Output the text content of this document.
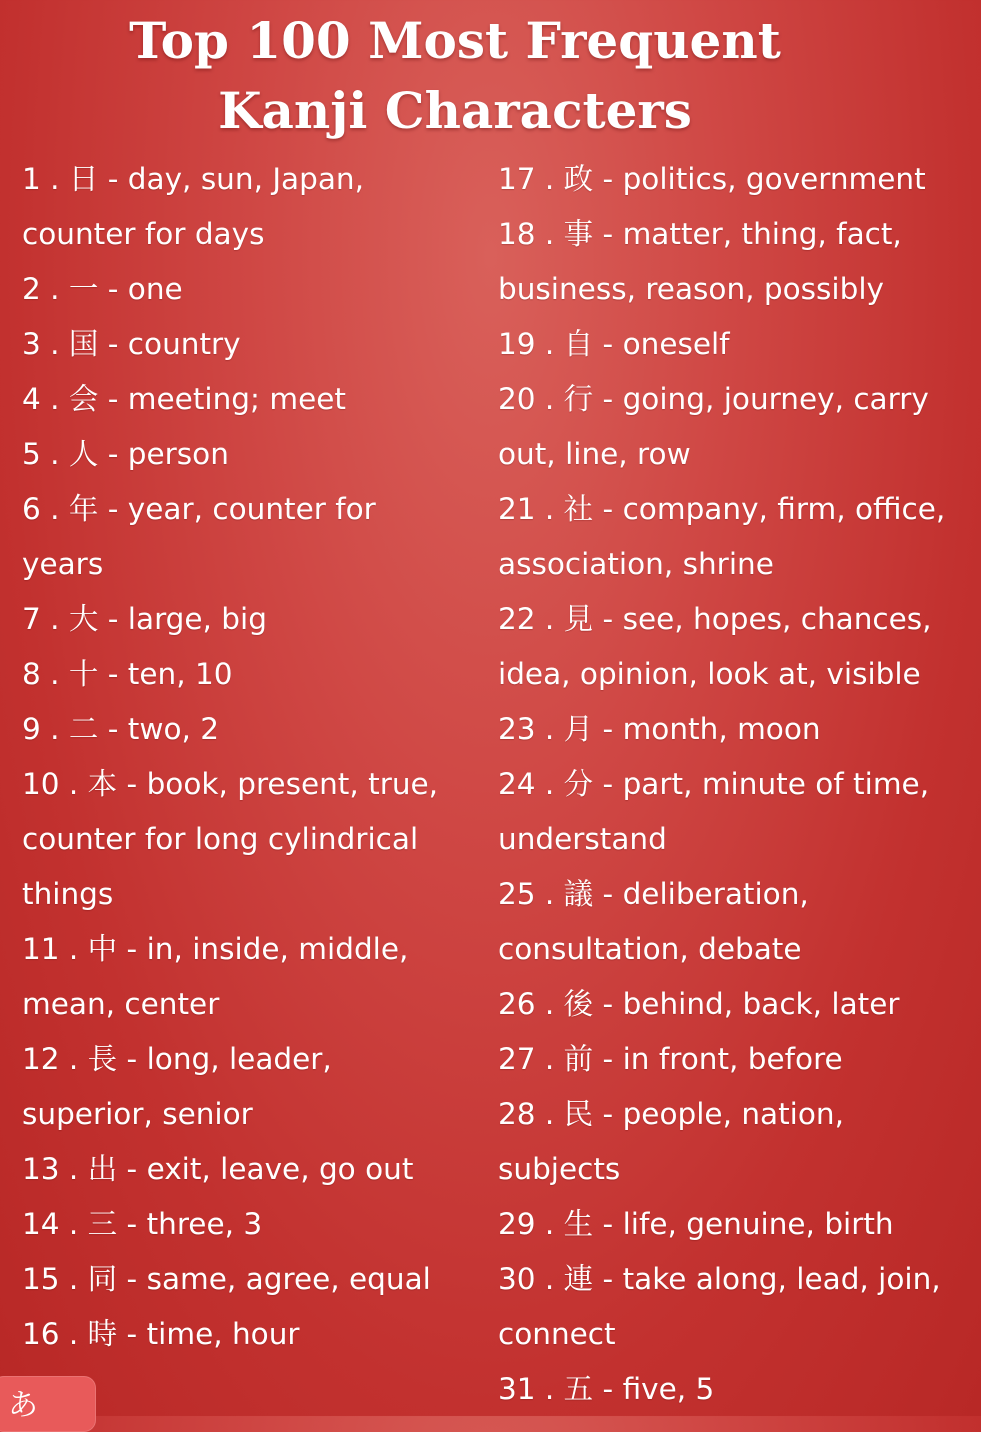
Top 100 Most Frequent
Kanji Characters
1 . 日 - day, sun, Japan,
counter for days
2 . 一 - one
3 . 国 - country
4 . 会 - meeting; meet
5 . 人 - person
6 . 年 - year, counter for
years
7 . 大 - large, big
8 . 十 - ten, 10
9 . 二 - two, 2
10 . 本 - book, present, true,
counter for long cylindrical
things
11 . 中 - in, inside, middle,
mean, center
12 . 長 - long, leader,
superior, senior
13 . 出 - exit, leave, go out
14 . 三 - three, 3
15 . 同 - same, agree, equal
16 . 時 - time, hour
17 . 政 - politics, government
18 . 事 - matter, thing, fact,
business, reason, possibly
19 . 自 - oneself
20 . 行 - going, journey, carry
out, line, row
21 . 社 - company, firm, office,
association, shrine
22 . 見 - see, hopes, chances,
idea, opinion, look at, visible
23 . 月 - month, moon
24 . 分 - part, minute of time,
understand
25 . 議 - deliberation,
consultation, debate
26 . 後 - behind, back, later
27 . 前 - in front, before
28 . 民 - people, nation,
subjects
29 . 生 - life, genuine, birth
30 . 連 - take along, lead, join,
connect
31 . 五 - five, 5
あ
